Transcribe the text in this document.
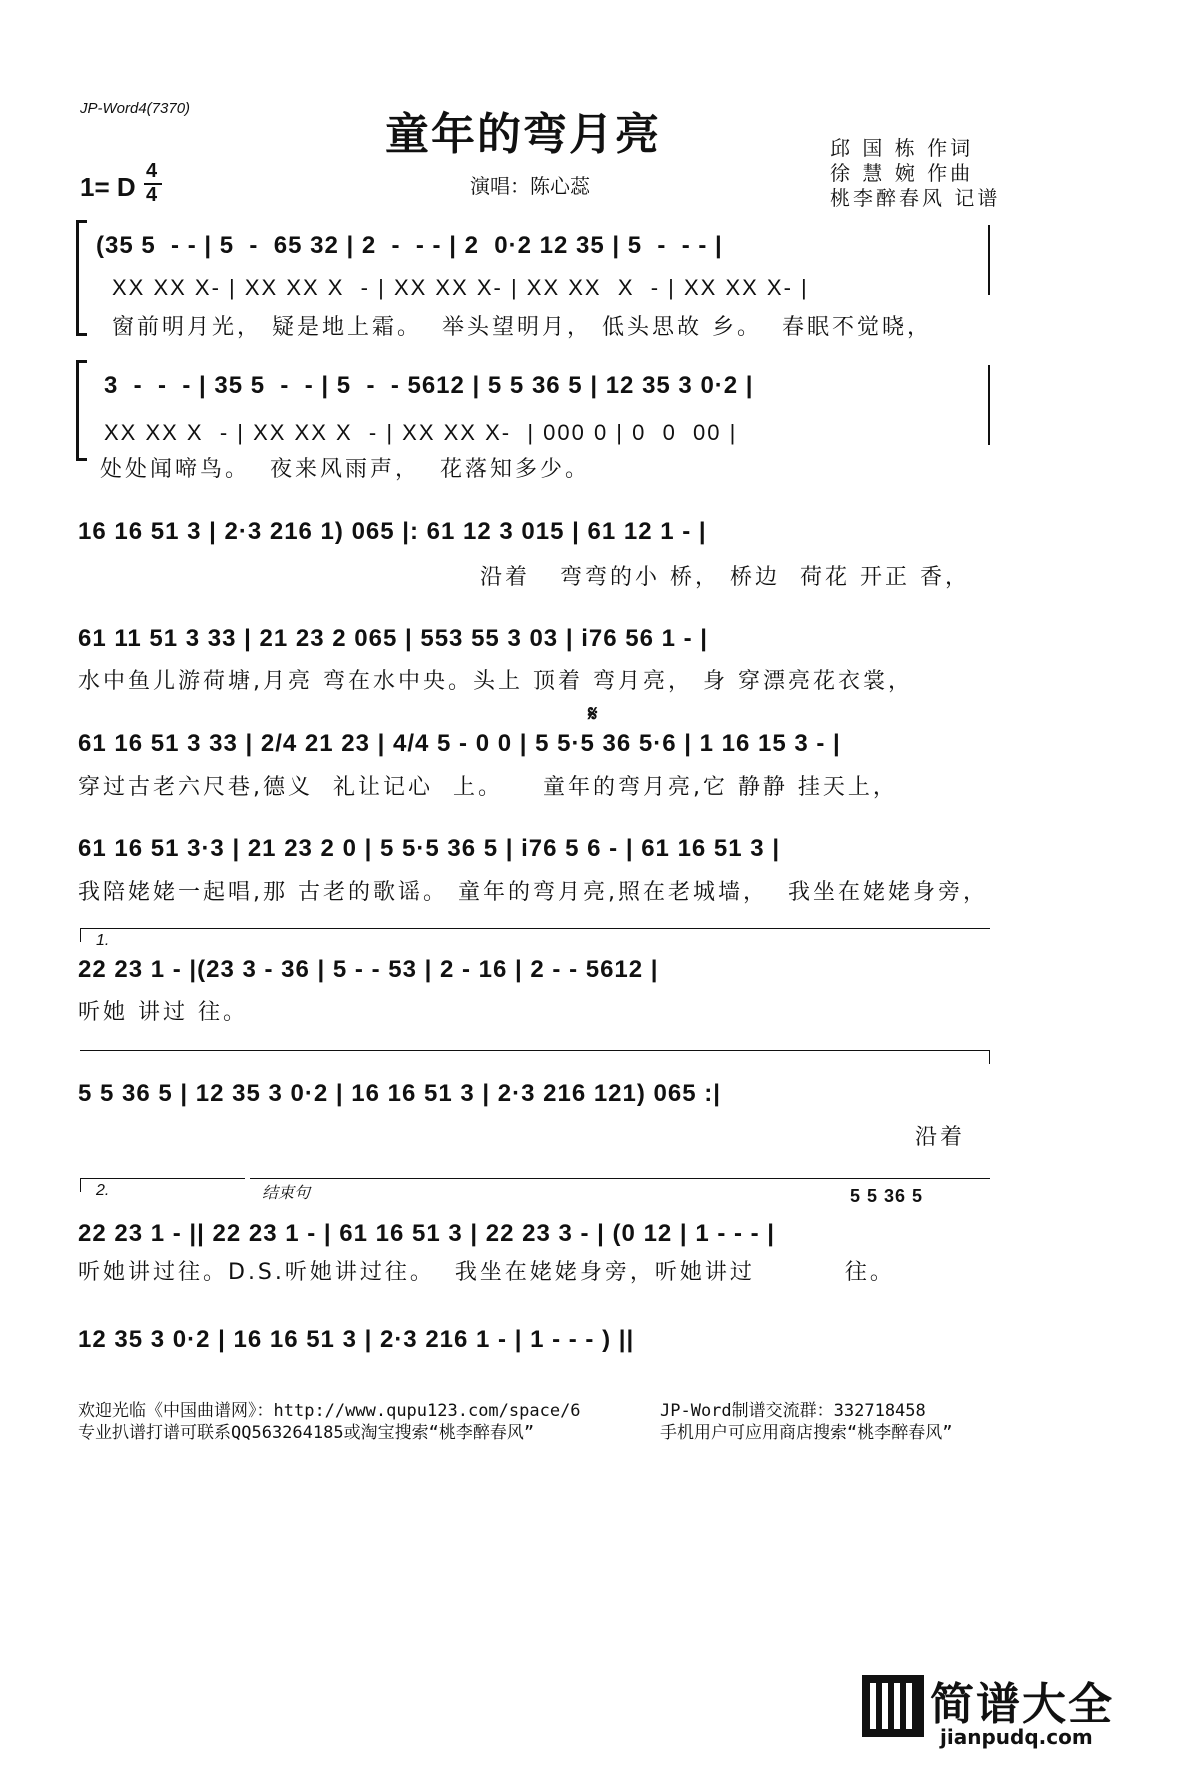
JP-Word4(7370)
童年的弯月亮	邱 国 栋 作词
徐 慧 婉 作曲
桃李醉春风 记谱
1= D
4
4	演唱：陈心蕊
(35 5  - - | 5  -  65 32 | 2  -  - - | 2  0·2 12 35 | 5  -  - - |
XX XX X- | XX XX X  - | XX XX X- | XX XX  X  - | XX XX X- |
窗前明月光， 疑是地上霜。  举头望明月， 低头思故 乡。  春眠不觉晓，
3  -  -  - | 35 5  -  - | 5  -  - 5612 | 5 5 36 5 | 12 35 3 0·2 |
XX XX X  - | XX XX X  - | XX XX X-  | 000 0 | 0  0  00 |
处处闻啼鸟。  夜来风雨声，  花落知多少。
16 16 51 3 | 2·3 216 1) 065 |: 61 12 3 015 | 61 12 1 - |
沿着   弯弯的小 桥， 桥边  荷花 开正 香，
61 11 51 3 33 | 21 23 2 065 | 553 55 3 03 | i76 56 1 - |
水中鱼儿游荷塘,月亮 弯在水中央。头上 顶着 弯月亮， 身 穿漂亮花衣裳，
𝄋
61 16 51 3 33 | 2/4 21 23 | 4/4 5 - 0 0 | 5 5·5 36 5·6 | 1 16 15 3 - |
穿过古老六尺巷,德义  礼让记心  上。    童年的弯月亮,它 静静 挂天上，
61 16 51 3·3 | 21 23 2 0 | 5 5·5 36 5 | i76 5 6 - | 61 16 51 3 |
我陪姥姥一起唱,那 古老的歌谣。 童年的弯月亮,照在老城墙，  我坐在姥姥身旁，
1.
22 23 1 - |(23 3 - 36 | 5 - - 53 | 2 - 16 | 2 - - 5612 |
听她 讲过 往。
5 5 36 5 | 12 35 3 0·2 | 16 16 51 3 | 2·3 216 121) 065 :|
沿着
2.	结束句	5 5 36 5
22 23 1 - || 22 23 1 - | 61 16 51 3 | 22 23 3 - | (0 12 | 1 - - - |
听她讲过往。D.S.听她讲过往。  我坐在姥姥身旁，听她讲过         往。
12 35 3 0·2 | 16 16 51 3 | 2·3 216 1 - | 1 - - - ) ||
欢迎光临《中国曲谱网》：http://www.qupu123.com/space/6
专业扒谱打谱可联系QQ563264185或淘宝搜索“桃李醉春风”
JP-Word制谱交流群：332718458
手机用户可应用商店搜索“桃李醉春风”

简谱大全
jianpudq.com
